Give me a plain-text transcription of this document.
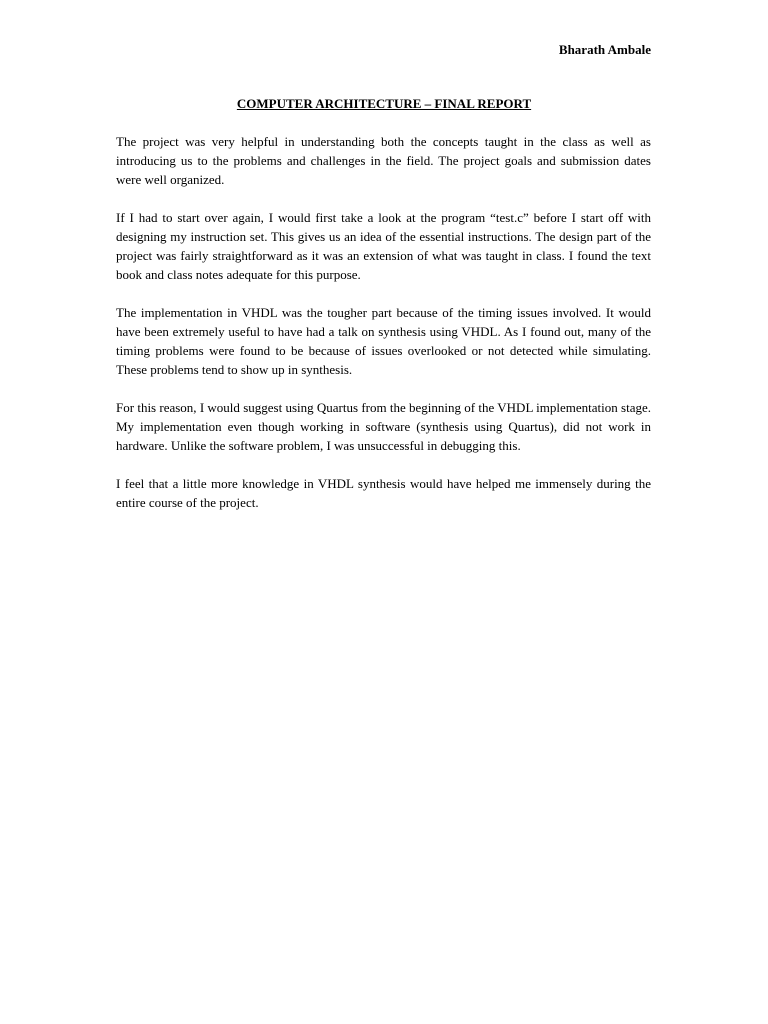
Bharath Ambale
COMPUTER ARCHITECTURE – FINAL REPORT

The project was very helpful in understanding both the concepts taught in the class as well as introducing us to the problems and challenges in the field. The project goals and submission dates were well organized.

If I had to start over again, I would first take a look at the program “test.c” before I start off with designing my instruction set. This gives us an idea of the essential instructions. The design part of the project was fairly straightforward as it was an extension of what was taught in class. I found the text book and class notes adequate for this purpose.

The implementation in VHDL was the tougher part because of the timing issues involved. It would have been extremely useful to have had a talk on synthesis using VHDL. As I found out, many of the timing problems were found to be because of issues overlooked or not detected while simulating. These problems tend to show up in synthesis.

For this reason, I would suggest using Quartus from the beginning of the VHDL implementation stage. My implementation even though working in software (synthesis using Quartus), did not work in hardware. Unlike the software problem, I was unsuccessful in debugging this.

I feel that a little more knowledge in VHDL synthesis would have helped me immensely during the entire course of the project.
